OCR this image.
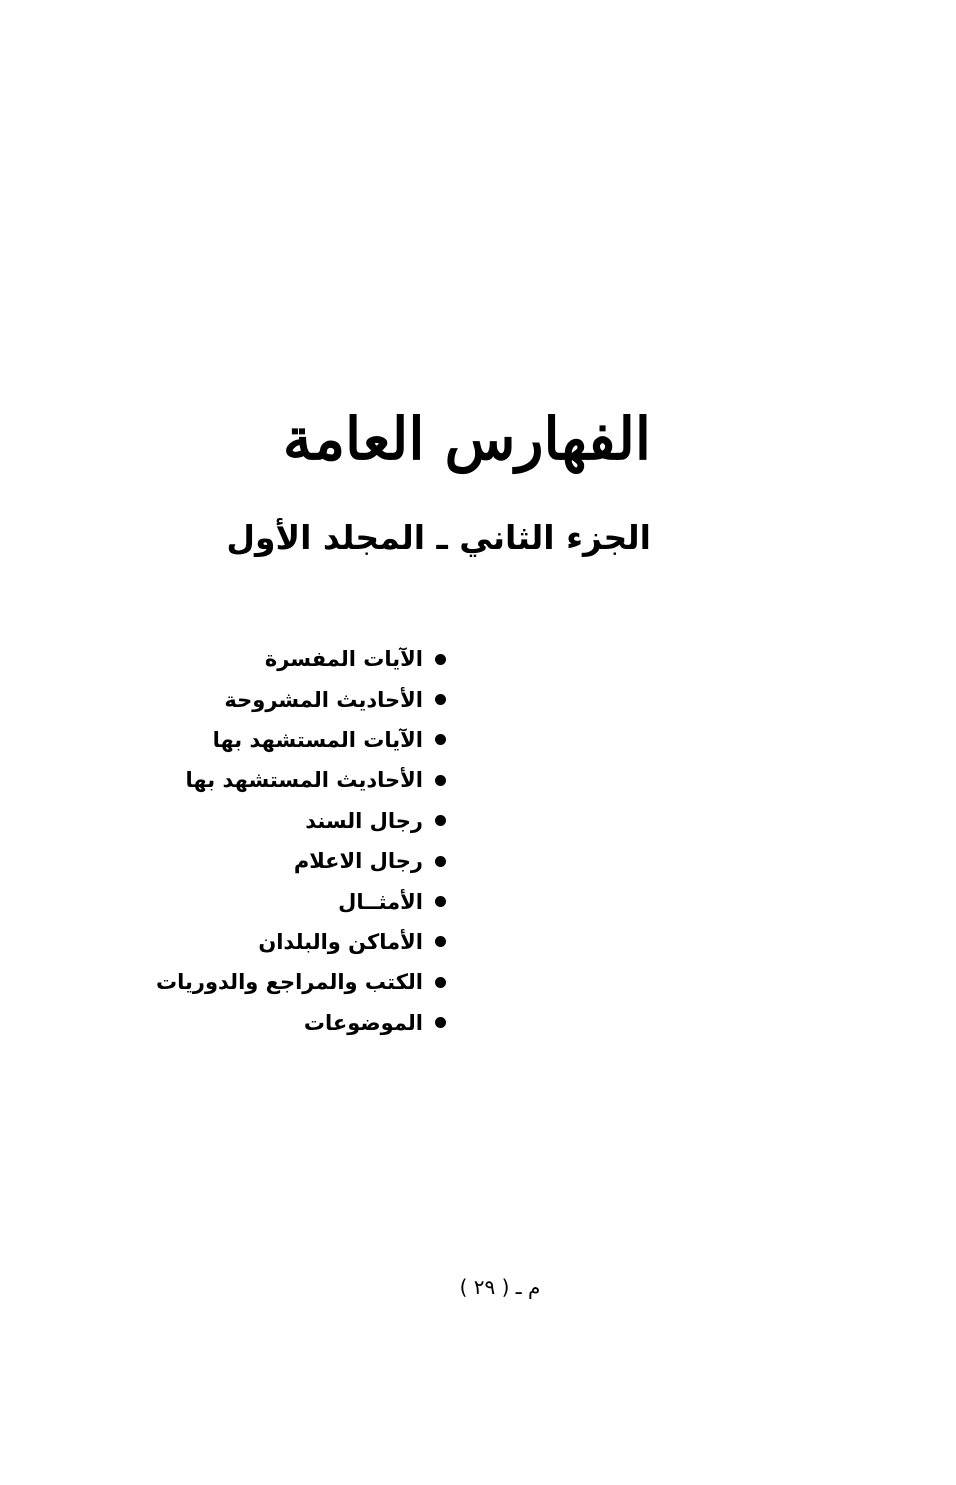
الفهارس العامة
الجزء الثاني ـ المجلد الأول
الآيات المفسرة
الأحاديث المشروحة
الآيات المستشهد بها
الأحاديث المستشهد بها
رجال السند
رجال الاعلام
الأمثــال
الأماكن والبلدان
الكتب والمراجع والدوريات
الموضوعات
م ـ ( ٢٩ )
